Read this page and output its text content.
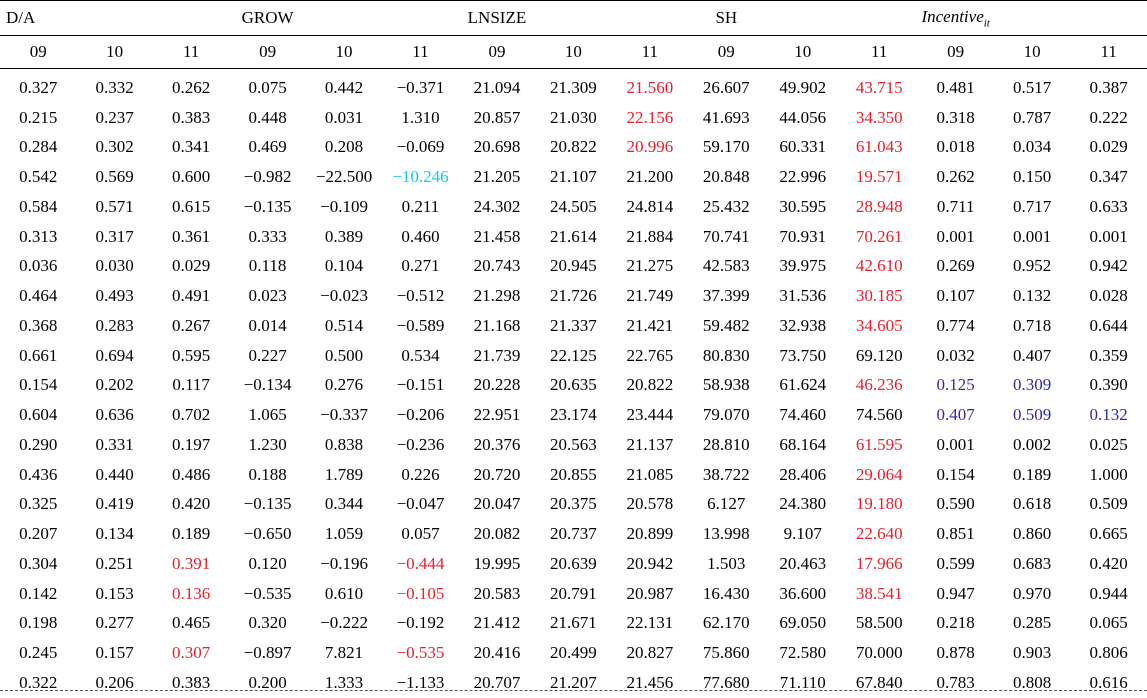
D/A			GROW			LNSIZE			SH			Incentive$_{it}$		
09	10	11	09	10	11	09	10	11	09	10	11	09	10	11
0.327	0.332	0.262	0.075	0.442	−0.371	21.094	21.309	21.560	26.607	49.902	43.715	0.481	0.517	0.387
0.215	0.237	0.383	0.448	0.031	1.310	20.857	21.030	22.156	41.693	44.056	34.350	0.318	0.787	0.222
0.284	0.302	0.341	0.469	0.208	−0.069	20.698	20.822	20.996	59.170	60.331	61.043	0.018	0.034	0.029
0.542	0.569	0.600	−0.982	−22.500	−10.246	21.205	21.107	21.200	20.848	22.996	19.571	0.262	0.150	0.347
0.584	0.571	0.615	−0.135	−0.109	0.211	24.302	24.505	24.814	25.432	30.595	28.948	0.711	0.717	0.633
0.313	0.317	0.361	0.333	0.389	0.460	21.458	21.614	21.884	70.741	70.931	70.261	0.001	0.001	0.001
0.036	0.030	0.029	0.118	0.104	0.271	20.743	20.945	21.275	42.583	39.975	42.610	0.269	0.952	0.942
0.464	0.493	0.491	0.023	−0.023	−0.512	21.298	21.726	21.749	37.399	31.536	30.185	0.107	0.132	0.028
0.368	0.283	0.267	0.014	0.514	−0.589	21.168	21.337	21.421	59.482	32.938	34.605	0.774	0.718	0.644
0.661	0.694	0.595	0.227	0.500	0.534	21.739	22.125	22.765	80.830	73.750	69.120	0.032	0.407	0.359
0.154	0.202	0.117	−0.134	0.276	−0.151	20.228	20.635	20.822	58.938	61.624	46.236	0.125	0.309	0.390
0.604	0.636	0.702	1.065	−0.337	−0.206	22.951	23.174	23.444	79.070	74.460	74.560	0.407	0.509	0.132
0.290	0.331	0.197	1.230	0.838	−0.236	20.376	20.563	21.137	28.810	68.164	61.595	0.001	0.002	0.025
0.436	0.440	0.486	0.188	1.789	0.226	20.720	20.855	21.085	38.722	28.406	29.064	0.154	0.189	1.000
0.325	0.419	0.420	−0.135	0.344	−0.047	20.047	20.375	20.578	6.127	24.380	19.180	0.590	0.618	0.509
0.207	0.134	0.189	−0.650	1.059	0.057	20.082	20.737	20.899	13.998	9.107	22.640	0.851	0.860	0.665
0.304	0.251	0.391	0.120	−0.196	−0.444	19.995	20.639	20.942	1.503	20.463	17.966	0.599	0.683	0.420
0.142	0.153	0.136	−0.535	0.610	−0.105	20.583	20.791	20.987	16.430	36.600	38.541	0.947	0.970	0.944
0.198	0.277	0.465	0.320	−0.222	−0.192	21.412	21.671	22.131	62.170	69.050	58.500	0.218	0.285	0.065
0.245	0.157	0.307	−0.897	7.821	−0.535	20.416	20.499	20.827	75.860	72.580	70.000	0.878	0.903	0.806
0.322	0.206	0.383	0.200	1.333	−1.133	20.707	21.207	21.456	77.680	71.110	67.840	0.783	0.808	0.616
